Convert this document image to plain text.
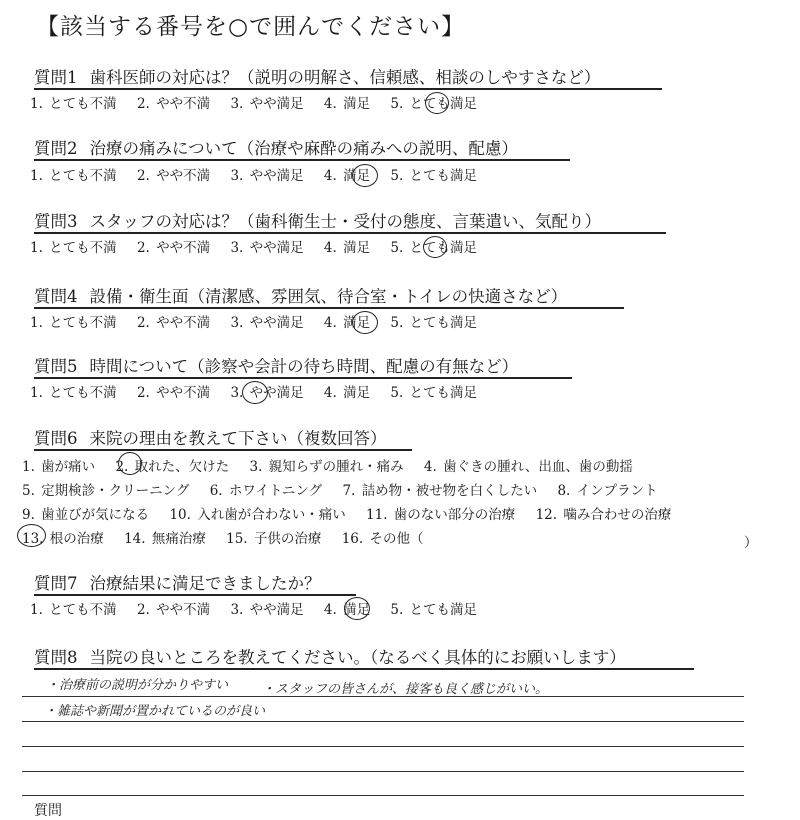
【該当する番号を○で囲んでください】
質問1 歯科医師の対応は？（説明の明解さ、信頼感、相談のしやすさなど）
1. とても不満 2. やや不満 3. やや満足 4. 満足 5. とても満足
質問2 治療の痛みについて（治療や麻酔の痛みへの説明、配慮）
1. とても不満 2. やや不満 3. やや満足 4. 満足 5. とても満足
質問3 スタッフの対応は？（歯科衛生士・受付の態度、言葉遣い、気配り）
1. とても不満 2. やや不満 3. やや満足 4. 満足 5. とても満足
質問4 設備・衛生面（清潔感、雰囲気、待合室・トイレの快適さなど）
1. とても不満 2. やや不満 3. やや満足 4. 満足 5. とても満足
質問5 時間について（診察や会計の待ち時間、配慮の有無など）
1. とても不満 2. やや不満 3. やや満足 4. 満足 5. とても満足
質問6 来院の理由を教えて下さい（複数回答）
1. 歯が痛い 2. 取れた、欠けた 3. 親知らずの腫れ・痛み 4. 歯ぐきの腫れ、出血、歯の動揺
5. 定期検診・クリーニング 6. ホワイトニング 7. 詰め物・被せ物を白くしたい 8. インプラント
9. 歯並びが気になる 10. 入れ歯が合わない・痛い 11. 歯のない部分の治療 12. 噛み合わせの治療
13. 根の治療 14. 無痛治療 15. 子供の治療 16. その他（	）
質問7 治療結果に満足できましたか？
1. とても不満 2. やや不満 3. やや満足 4. 満足 5. とても満足
質問8 当院の良いところを教えてください。（なるべく具体的にお願いします）
・治療前の説明が分かりやすい	・スタッフの皆さんが、接客も良く感じがいい。
・雑誌や新聞が置かれているのが良い
質問
